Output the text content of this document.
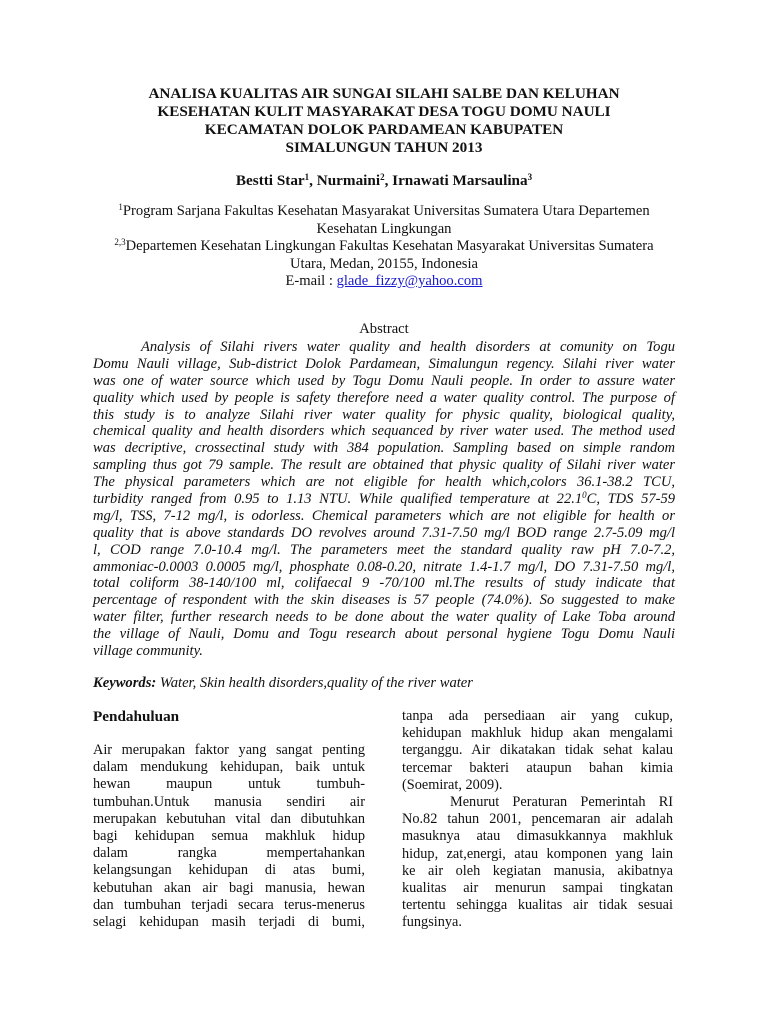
ANALISA KUALITAS AIR SUNGAI SILAHI SALBE DAN KELUHAN
KESEHATAN KULIT MASYARAKAT DESA TOGU DOMU NAULI
KECAMATAN DOLOK PARDAMEAN KABUPATEN
SIMALUNGUN TAHUN 2013
Bestti Star$^1$, Nurmaini$^2$, Irnawati Marsaulina$^3$
$^1$Program Sarjana Fakultas Kesehatan Masyarakat Universitas Sumatera Utara Departemen
Kesehatan Lingkungan
$^{2,3}$Departemen Kesehatan Lingkungan Fakultas Kesehatan Masyarakat Universitas Sumatera
Utara, Medan, 20155, Indonesia
E-mail : glade_fizzy@yahoo.com
Abstract
Analysis of Silahi rivers water quality and health disorders at comunity on Togu
Domu Nauli village, Sub-district Dolok Pardamean, Simalungun regency. Silahi river water
was one of water source which used by Togu Domu Nauli people. In order to assure water
quality which used by people is safety therefore need a water quality control. The purpose of
this study is to analyze Silahi river water quality for physic quality, biological quality,
chemical quality and health disorders which sequanced by river water used. The method used
was decriptive, crossectinal study with 384 population. Sampling based on simple random
sampling thus got 79 sample. The result are obtained that physic quality of Silahi river water
The physical parameters which are not eligible for health which,colors 36.1-38.2 TCU,
turbidity ranged from 0.95 to 1.13 NTU. While qualified temperature at 22.1$^0$C, TDS 57-59
mg/l, TSS, 7-12 mg/l, is odorless. Chemical parameters which are not eligible for health or
quality that is above standards DO revolves around 7.31-7.50 mg/l BOD range 2.7-5.09 mg/l
l, COD range 7.0-10.4 mg/l. The parameters meet the standard quality raw pH 7.0-7.2,
ammoniac-0.0003 0.0005 mg/l, phosphate 0.08-0.20, nitrate 1.4-1.7 mg/l, DO 7.31-7.50 mg/l,
total coliform 38-140/100 ml, colifaecal 9 -70/100 ml.The results of study indicate that
percentage of respondent with the skin diseases is 57 people (74.0%). So suggested to make
water filter, further research needs to be done about the water quality of Lake Toba around
the village of Nauli, Domu and Togu research about personal hygiene Togu Domu Nauli
village community.
Keywords: Water, Skin health disorders,quality of the river water
Pendahuluan
Air merupakan faktor yang sangat penting
dalam mendukung kehidupan, baik untuk
hewan maupun untuk tumbuh-
tumbuhan.Untuk manusia sendiri air
merupakan kebutuhan vital dan dibutuhkan
bagi kehidupan semua makhluk hidup
dalam rangka mempertahankan
kelangsungan kehidupan di atas bumi,
kebutuhan akan air bagi manusia, hewan
dan tumbuhan terjadi secara terus-menerus
selagi kehidupan masih terjadi di bumi,
tanpa ada persediaan air yang cukup,
kehidupan makhluk hidup akan mengalami
terganggu. Air dikatakan tidak sehat kalau
tercemar bakteri ataupun bahan kimia
(Soemirat, 2009).
Menurut Peraturan Pemerintah RI
No.82 tahun 2001, pencemaran air adalah
masuknya atau dimasukkannya makhluk
hidup, zat,energi, atau komponen yang lain
ke air oleh kegiatan manusia, akibatnya
kualitas air menurun sampai tingkatan
tertentu sehingga kualitas air tidak sesuai
fungsinya.
